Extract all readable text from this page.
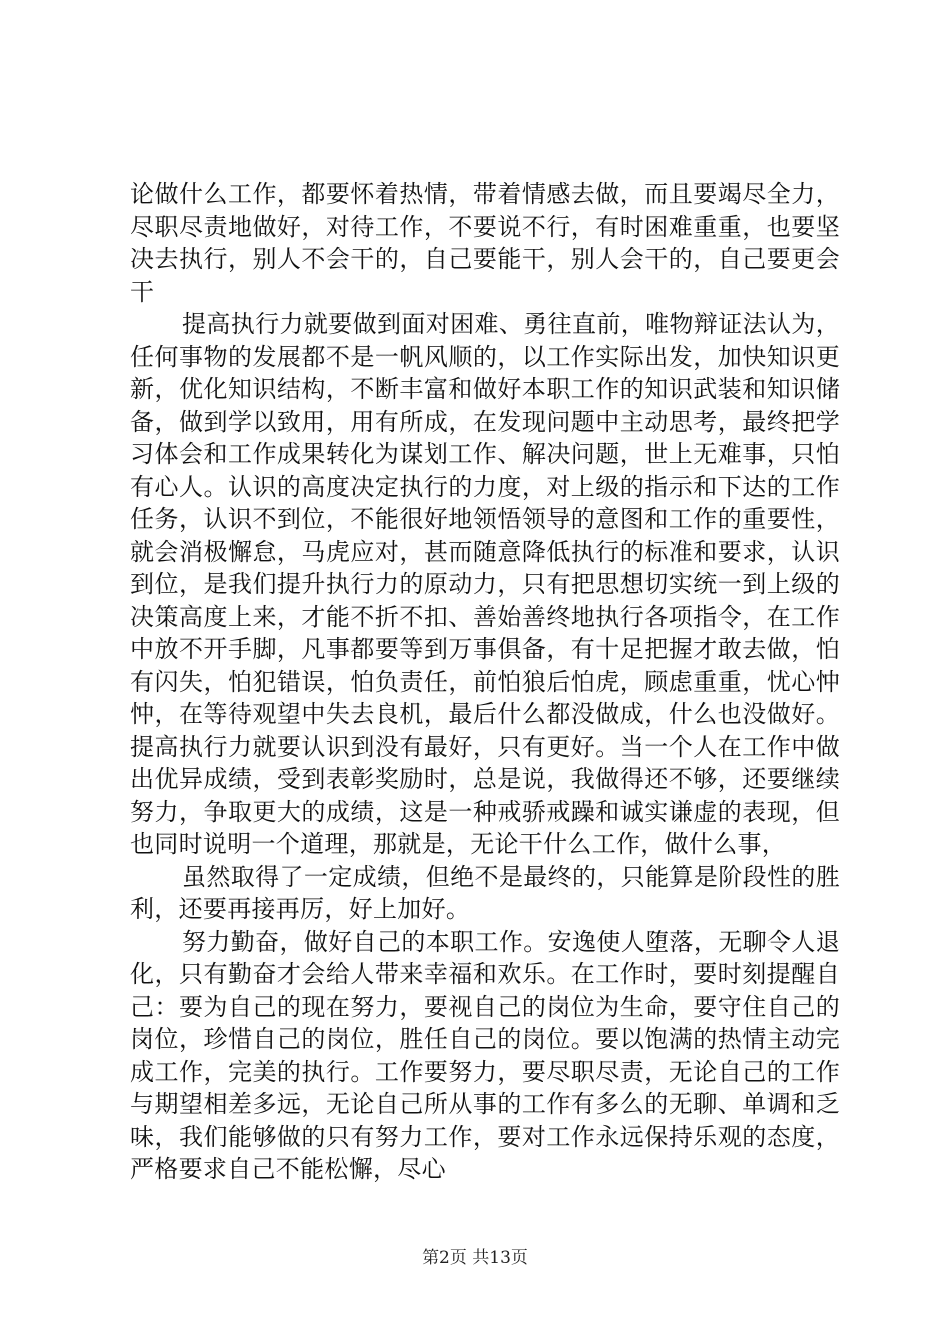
论做什么工作，都要怀着热情，带着情感去做，而且要竭尽全力，尽职尽责地做好，对待工作，不要说不行，有时困难重重，也要坚决去执行，别人不会干的，自己要能干，别人会干的，自己要更会干

提高执行力就要做到面对困难、勇往直前，唯物辩证法认为，任何事物的发展都不是一帆风顺的，以工作实际出发，加快知识更新，优化知识结构，不断丰富和做好本职工作的知识武装和知识储备，做到学以致用，用有所成，在发现问题中主动思考，最终把学习体会和工作成果转化为谋划工作、解决问题，世上无难事，只怕有心人。认识的高度决定执行的力度，对上级的指示和下达的工作任务，认识不到位，不能很好地领悟领导的意图和工作的重要性，就会消极懈怠，马虎应对，甚而随意降低执行的标准和要求，认识到位，是我们提升执行力的原动力，只有把思想切实统一到上级的决策高度上来，才能不折不扣、善始善终地执行各项指令，在工作中放不开手脚，凡事都要等到万事俱备，有十足把握才敢去做，怕有闪失，怕犯错误，怕负责任，前怕狼后怕虎，顾虑重重，忧心忡忡，在等待观望中失去良机，最后什么都没做成，什么也没做好。提高执行力就要认识到没有最好，只有更好。当一个人在工作中做出优异成绩，受到表彰奖励时，总是说，我做得还不够，还要继续努力，争取更大的成绩，这是一种戒骄戒躁和诚实谦虚的表现，但也同时说明一个道理，那就是，无论干什么工作，做什么事，

虽然取得了一定成绩，但绝不是最终的，只能算是阶段性的胜利，还要再接再厉，好上加好。

努力勤奋，做好自己的本职工作。安逸使人堕落，无聊令人退化，只有勤奋才会给人带来幸福和欢乐。在工作时，要时刻提醒自己：要为自己的现在努力，要视自己的岗位为生命，要守住自己的岗位，珍惜自己的岗位，胜任自己的岗位。要以饱满的热情主动完成工作，完美的执行。工作要努力，要尽职尽责，无论自己的工作与期望相差多远，无论自己所从事的工作有多么的无聊、单调和乏味，我们能够做的只有努力工作，要对工作永远保持乐观的态度，严格要求自己不能松懈，尽心

第2页 共13页
